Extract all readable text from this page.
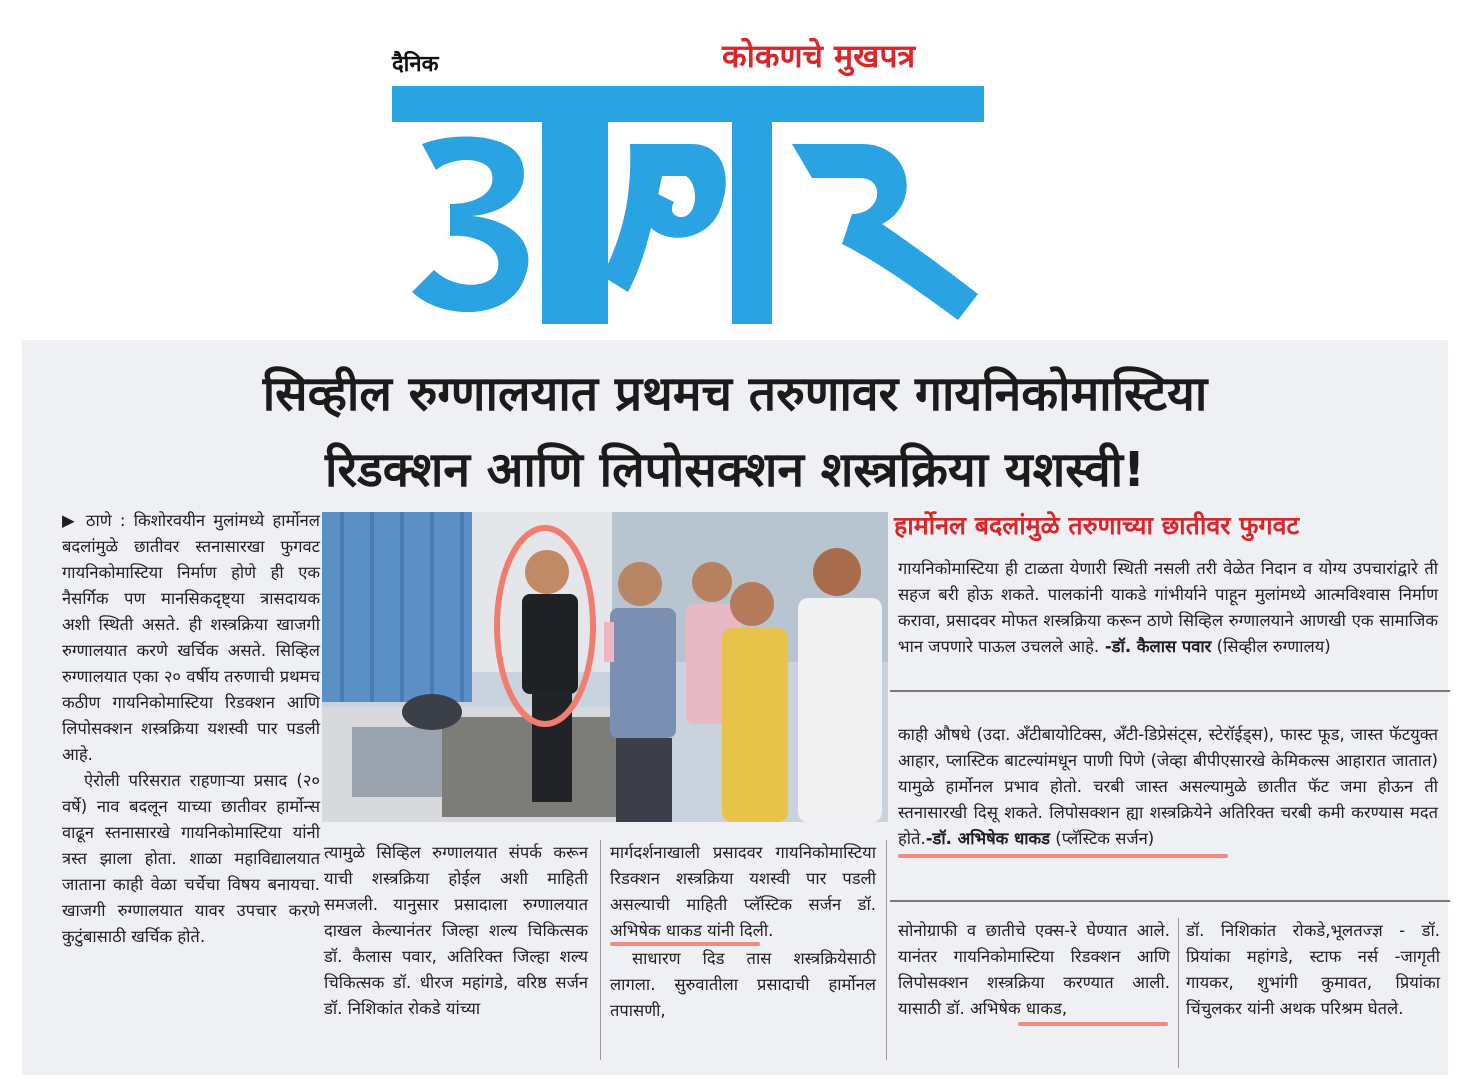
दैनिक	कोकणचे मुखपत्र
सिव्हील रुग्णालयात प्रथमच तरुणावर गायनिकोमास्टिया
रिडक्शन आणि लिपोसक्शन शस्त्रक्रिया यशस्वी!

▶ ठाणे : किशोरवयीन मुलांमध्ये हार्मोनल बदलांमुळे छातीवर स्तनासारखा फुगवट गायनिकोमास्टिया निर्माण होणे ही एक नैसर्गिक पण मानसिकदृष्ट्या त्रासदायक अशी स्थिती असते. ही शस्त्रक्रिया खाजगी रुग्णालयात करणे खर्चिक असते. सिव्हिल रुग्णालयात एका २० वर्षीय तरुणाची प्रथमच कठीण गायनिकोमास्टिया रिडक्शन आणि लिपोसक्शन शस्त्रक्रिया यशस्वी पार पडली आहे.

ऐरोली परिसरात राहणाऱ्या प्रसाद (२० वर्षे) नाव बदलून याच्या छातीवर हार्मोन्स वाढून स्तनासारखे गायनिकोमास्टिया यांनी त्रस्त झाला होता. शाळा महाविद्यालयात जाताना काही वेळा चर्चेचा विषय बनायचा. खाजगी रुग्णालयात यावर उपचार करणे कुटुंबासाठी खर्चिक होते.

त्यामुळे सिव्हिल रुग्णालयात संपर्क करून याची शस्त्रक्रिया होईल अशी माहिती समजली. यानुसार प्रसादाला रुग्णालयात दाखल केल्यानंतर जिल्हा शल्य चिकित्सक डॉ. कैलास पवार, अतिरिक्त जिल्हा शल्य चिकित्सक डॉ. धीरज महांगडे, वरिष्ठ सर्जन डॉ. निशिकांत रोकडे यांच्या

मार्गदर्शनाखाली प्रसादवर गायनिकोमास्टिया रिडक्शन शस्त्रक्रिया यशस्वी पार पडली असल्याची माहिती प्लॅस्टिक सर्जन डॉ. अभिषेक धाकड यांनी दिली.

साधारण दिड तास शस्त्रक्रियेसाठी लागला. सुरुवातीला प्रसादाची हार्मोनल तपासणी,

हार्मोनल बदलांमुळे तरुणाच्या छातीवर फुगवट

गायनिकोमास्टिया ही टाळता येणारी स्थिती नसली तरी वेळेत निदान व योग्य उपचारांद्वारे ती सहज बरी होऊ शकते. पालकांनी याकडे गांभीर्याने पाहून मुलांमध्ये आत्मविश्वास निर्माण करावा, प्रसादवर मोफत शस्त्रक्रिया करून ठाणे सिव्हिल रुग्णालयाने आणखी एक सामाजिक भान जपणारे पाऊल उचलले आहे. -डॉ. कैलास पवार (सिव्हील रुग्णालय)

काही औषधे (उदा. अँटीबायोटिक्स, अँटी-डिप्रेसंट्स, स्टेरॉईड्स), फास्ट फूड, जास्त फॅटयुक्त आहार, प्लास्टिक बाटल्यांमधून पाणी पिणे (जेव्हा बीपीएसारखे केमिकल्स आहारात जातात) यामुळे हार्मोनल प्रभाव होतो. चरबी जास्त असल्यामुळे छातीत फॅट जमा होऊन ती स्तनासारखी दिसू शकते. लिपोसक्शन ह्या शस्त्रक्रियेने अतिरिक्त चरबी कमी करण्यास मदत होते.-डॉ. अभिषेक धाकड (प्लॅस्टिक सर्जन)

सोनोग्राफी व छातीचे एक्स-रे घेण्यात आले. यानंतर गायनिकोमास्टिया रिडक्शन आणि लिपोसक्शन शस्त्रक्रिया करण्यात आली. यासाठी डॉ. अभिषेक धाकड,

डॉ. निशिकांत रोकडे,भूलतज्ज्ञ - डॉ. प्रियांका महांगडे, स्टाफ नर्स -जागृती गायकर, शुभांगी कुमावत, प्रियांका चिंचुलकर यांनी अथक परिश्रम घेतले.
